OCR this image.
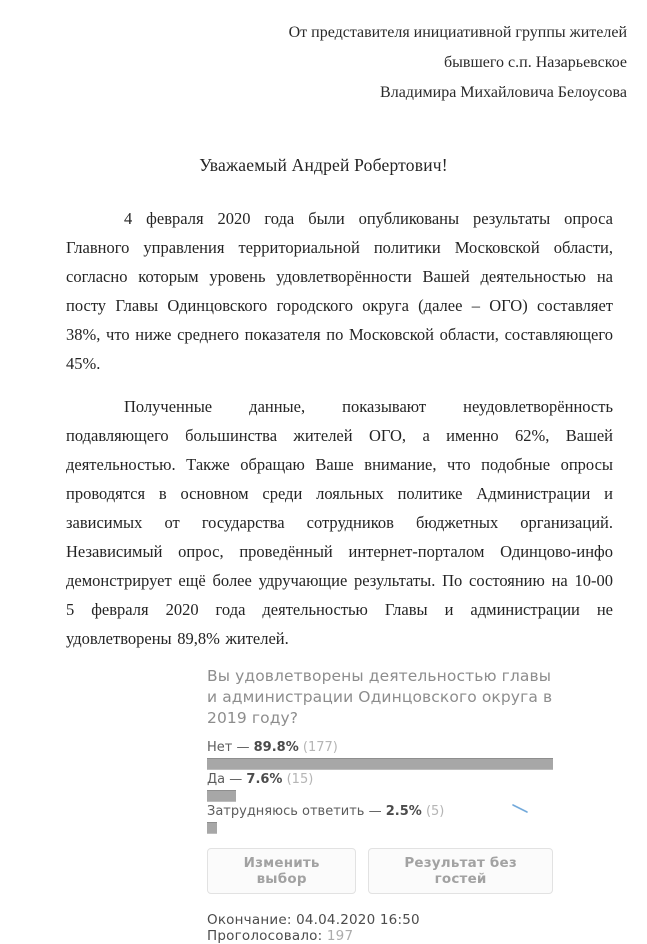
От представителя инициативной группы жителей
бывшего с.п. Назарьевское
Владимира Михайловича Белоусова
Уважаемый Андрей Робертович!

4 февраля 2020 года были опубликованы результаты опроса Главного управления территориальной политики Московской области, согласно которым уровень удовлетворённости Вашей деятельностью на посту Главы Одинцовского городского округа (далее – ОГО) составляет 38%, что ниже среднего показателя по Московской области, составляющего 45%.

Полученные данные, показывают неудовлетворённость подавляющего большинства жителей ОГО, а именно 62%, Вашей деятельностью. Также обращаю Ваше внимание, что подобные опросы проводятся в основном среди лояльных политике Администрации и зависимых от государства сотрудников бюджетных организаций. Независимый опрос, проведённый интернет-порталом Одинцово-инфо демонстрирует ещё более удручающие результаты. По состоянию на 10-00 5 февраля 2020 года деятельностью Главы и администрации не удовлетворены 89,8% жителей.

Вы удовлетворены деятельностью главы и администрации Одинцовского округа в 2019 году?
Нет — 89.8% (177)
Да — 7.6% (15)
Затрудняюсь ответить — 2.5% (5)
Изменить выбор
Результат без гостей
Окончание: 04.04.2020 16:50  Проголосовало: 197
